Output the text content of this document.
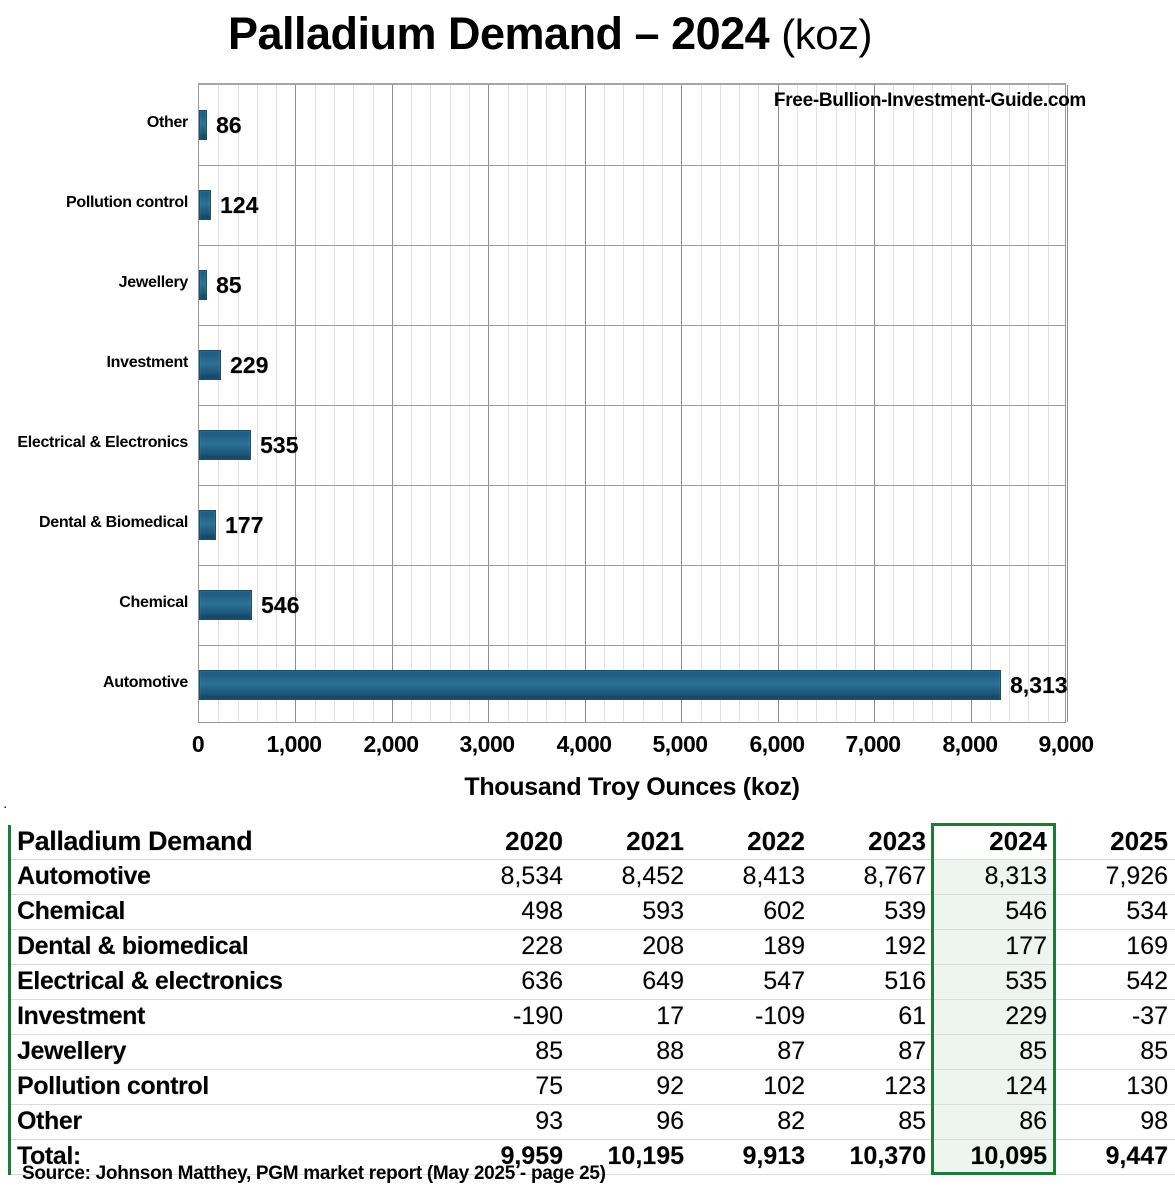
.
Palladium Demand – 2024 (koz)
86
124
85
229
535
177
546
8,313
Other
Pollution control
Jewellery
Investment
Electrical & Electronics
Dental & Biomedical
Chemical
Automotive
Free-Bullion-Investment-Guide.com
0	1,000 2,000 3,000 4,000 5,000 6,000 7,000 8,000 9,000
Thousand Troy Ounces (koz)
Palladium Demand	2020	2021	2022	2023	2024	2025
Automotive	8,534	8,452	8,413	8,767	8,313	7,926
Chemical	498	593	602	539	546	534
Dental & biomedical	228	208	189	192	177	169
Electrical & electronics	636	649	547	516	535	542
Investment	-190	17	-109	61	229	-37
Jewellery	85	88	87	87	85	85
Pollution control	75	92	102	123	124	130
Other	93	96	82	85	86	98
Total:	9,959	10,195	9,913	10,370	10,095	9,447
Source: Johnson Matthey, PGM market report (May 2025 - page 25)
